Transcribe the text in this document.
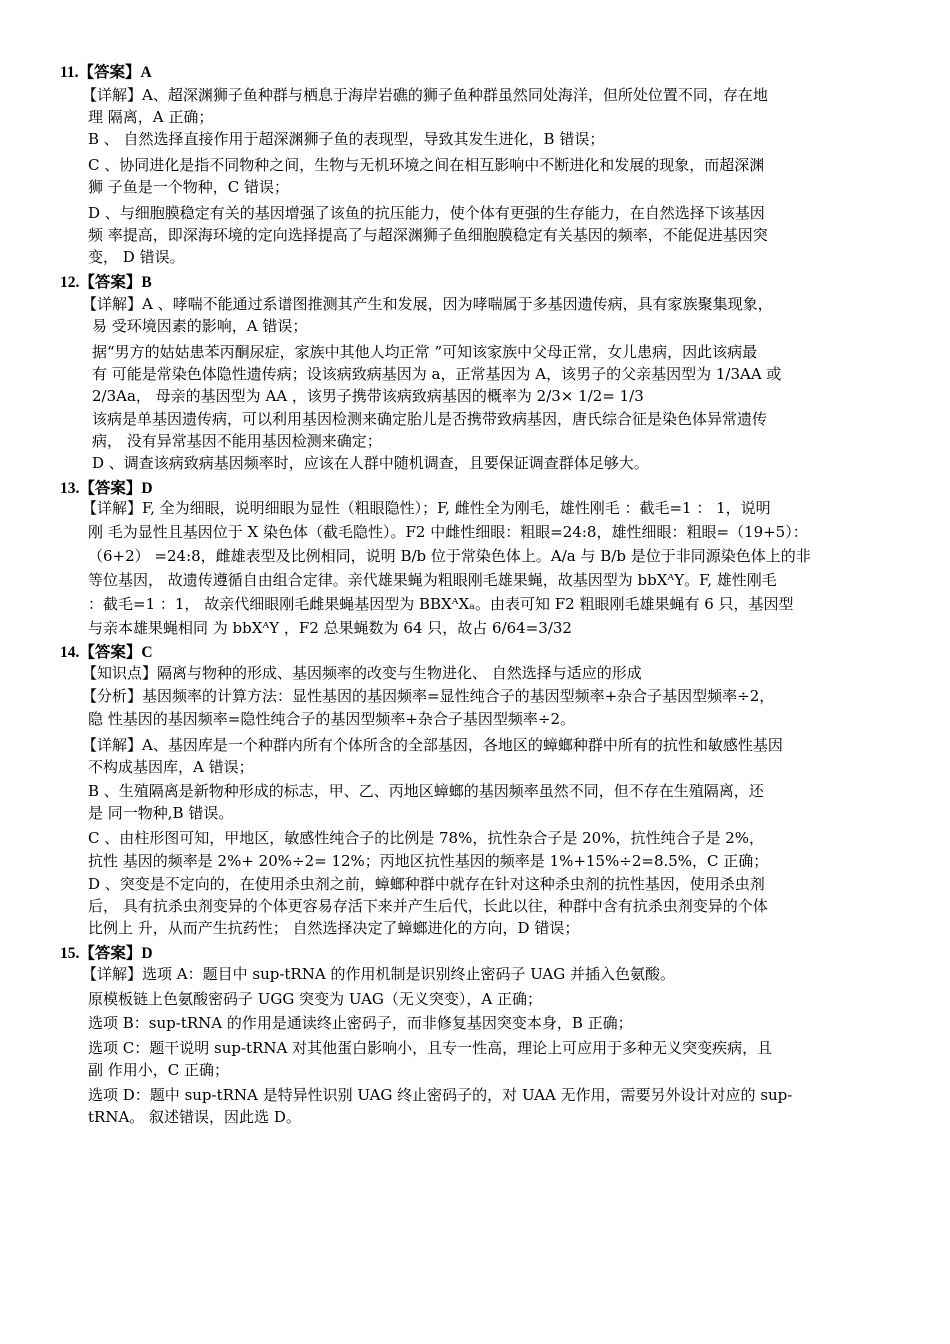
11.【答案】A
【详解】A、超深渊狮子鱼种群与栖息于海岸岩礁的狮子鱼种群虽然同处海洋，但所处位置不同，存在地
理 隔离，A 正确；
B 、 自然选择直接作用于超深渊狮子鱼的表现型，导致其发生进化，B 错误；
C 、协同进化是指不同物种之间，生物与无机环境之间在相互影响中不断进化和发展的现象，而超深渊
狮 子鱼是一个物种，C 错误；
D 、与细胞膜稳定有关的基因增强了该鱼的抗压能力，使个体有更强的生存能力，在自然选择下该基因
频 率提高，即深海环境的定向选择提高了与超深渊狮子鱼细胞膜稳定有关基因的频率，不能促进基因突
变， D 错误。
12.【答案】B
【详解】A 、哮喘不能通过系谱图推测其产生和发展，因为哮喘属于多基因遗传病，具有家族聚集现象，
易 受环境因素的影响，A 错误；
据“男方的姑姑患苯丙酮尿症，家族中其他人均正常 ”可知该家族中父母正常，女儿患病，因此该病最
有 可能是常染色体隐性遗传病；设该病致病基因为 a，正常基因为 A，该男子的父亲基因型为 1/3AA 或
2/3Aa， 母亲的基因型为 AA ，该男子携带该病致病基因的概率为 2/3× 1/2= 1/3
该病是单基因遗传病，可以利用基因检测来确定胎儿是否携带致病基因，唐氏综合征是染色体异常遗传
病， 没有异常基因不能用基因检测来确定；
D 、调查该病致病基因频率时，应该在人群中随机调查，且要保证调查群体足够大。
13.【答案】D
【详解】F, 全为细眼，说明细眼为显性（粗眼隐性）；F, 雌性全为刚毛，雄性刚毛 ：截毛=1 ： 1，说明
刚 毛为显性且基因位于 X 染色体（截毛隐性）。F2 中雌性细眼：粗眼=24:8，雄性细眼：粗眼=（19+5）：
（6+2） =24:8，雌雄表型及比例相同，说明 B/b 位于常染色体上。A/a 与 B/b 是位于非同源染色体上的非
等位基因， 故遗传遵循自由组合定律。亲代雄果蝇为粗眼刚毛雄果蝇，故基因型为 bbXᴬY。F, 雄性刚毛
：截毛=1 ：1， 故亲代细眼刚毛雌果蝇基因型为 BBXᴬXₐ。由表可知 F2 粗眼刚毛雄果蝇有 6 只，基因型
与亲本雄果蝇相同 为 bbXᴬY ，F2 总果蝇数为 64 只，故占 6/64=3/32
14.【答案】C
【知识点】隔离与物种的形成、基因频率的改变与生物进化、 自然选择与适应的形成
【分析】基因频率的计算方法：显性基因的基因频率=显性纯合子的基因型频率+杂合子基因型频率÷2，
隐 性基因的基因频率=隐性纯合子的基因型频率+杂合子基因型频率÷2。
【详解】A、基因库是一个种群内所有个体所含的全部基因，各地区的蟑螂种群中所有的抗性和敏感性基因
不构成基因库，A 错误；
B 、生殖隔离是新物种形成的标志，甲、乙、丙地区蟑螂的基因频率虽然不同，但不存在生殖隔离，还
是 同一物种,B 错误。
C 、由柱形图可知，甲地区，敏感性纯合子的比例是 78%，抗性杂合子是 20%，抗性纯合子是 2%，
抗性 基因的频率是 2%+ 20%÷2= 12%；丙地区抗性基因的频率是 1%+15%÷2=8.5%，C 正确；
D 、突变是不定向的，在使用杀虫剂之前，蟑螂种群中就存在针对这种杀虫剂的抗性基因，使用杀虫剂
后， 具有抗杀虫剂变异的个体更容易存活下来并产生后代，长此以往，种群中含有抗杀虫剂变异的个体
比例上 升，从而产生抗药性； 自然选择决定了蟑螂进化的方向，D 错误；
15.【答案】D
【详解】选项 A：题目中 sup-tRNA 的作用机制是识别终止密码子 UAG 并插入色氨酸。
原模板链上色氨酸密码子 UGG 突变为 UAG（无义突变），A 正确；
选项 B：sup-tRNA 的作用是通读终止密码子，而非修复基因突变本身，B 正确；
选项 C：题干说明 sup-tRNA 对其他蛋白影响小，且专一性高，理论上可应用于多种无义突变疾病，且
副 作用小，C 正确；
选项 D：题中 sup-tRNA 是特异性识别 UAG 终止密码子的，对 UAA 无作用，需要另外设计对应的 sup-
tRNA。 叙述错误，因此选 D。
